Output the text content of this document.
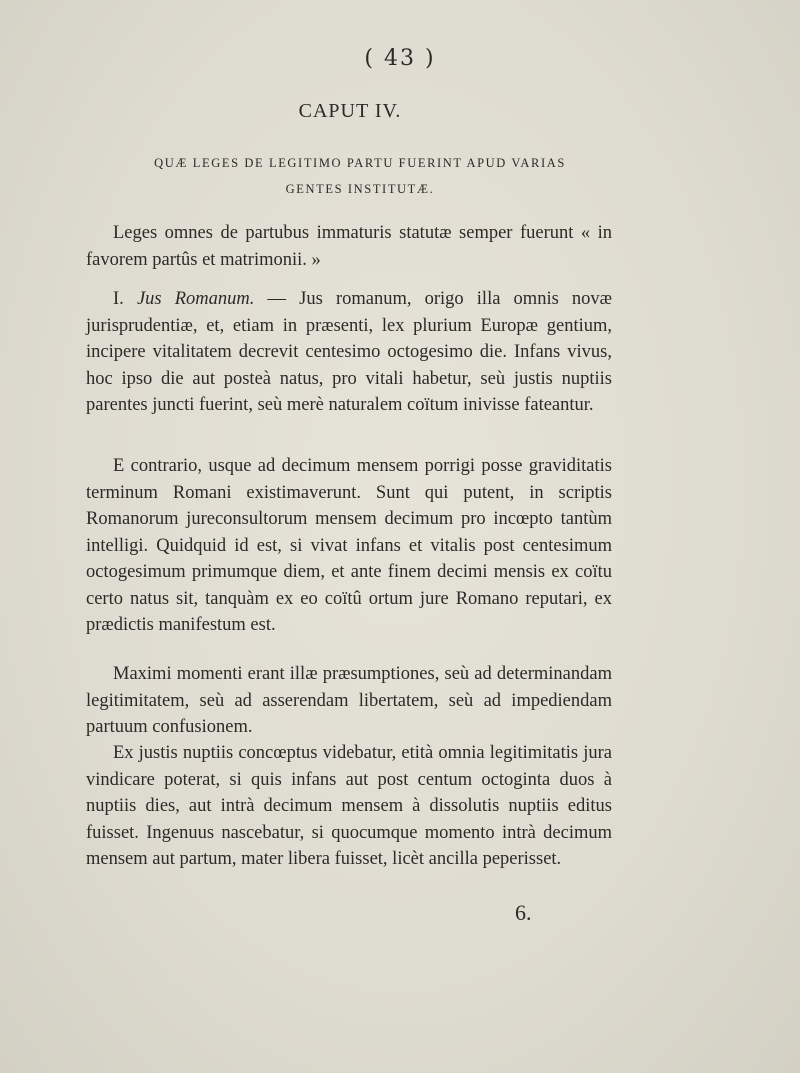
( 43 )
CAPUT IV.
QUÆ LEGES DE LEGITIMO PARTU FUERINT APUD VARIAS
GENTES INSTITUTÆ.

Leges omnes de partubus immaturis statutæ semper fuerunt « in favorem partûs et matrimonii. »

I. Jus Romanum. — Jus romanum, origo illa omnis novæ jurisprudentiæ, et, etiam in præsenti, lex plurium Europæ gentium, incipere vitalitatem decrevit centesimo octogesimo die. Infans vivus, hoc ipso die aut posteà natus, pro vitali habetur, seù justis nuptiis parentes juncti fuerint, seù merè naturalem coïtum inivisse fateantur.

E contrario, usque ad decimum mensem porrigi posse graviditatis terminum Romani existimaverunt. Sunt qui putent, in scriptis Romanorum jureconsultorum mensem decimum pro incœpto tantùm intelligi. Quidquid id est, si vivat infans et vitalis post centesimum octogesimum primumque diem, et ante finem decimi mensis ex coïtu certo natus sit, tanquàm ex eo coïtû ortum jure Romano reputari, ex prædictis manifestum est.

Maximi momenti erant illæ præsumptiones, seù ad determinandam legitimitatem, seù ad asserendam libertatem, seù ad impediendam partuum confusionem.

Ex justis nuptiis concœptus videbatur, etità omnia legitimitatis jura vindicare poterat, si quis infans aut post centum octoginta duos à nuptiis dies, aut intrà decimum mensem à dissolutis nuptiis editus fuisset. Ingenuus nascebatur, si quocumque momento intrà decimum mensem aut partum, mater libera fuisset, licèt ancilla peperisset.

6.
